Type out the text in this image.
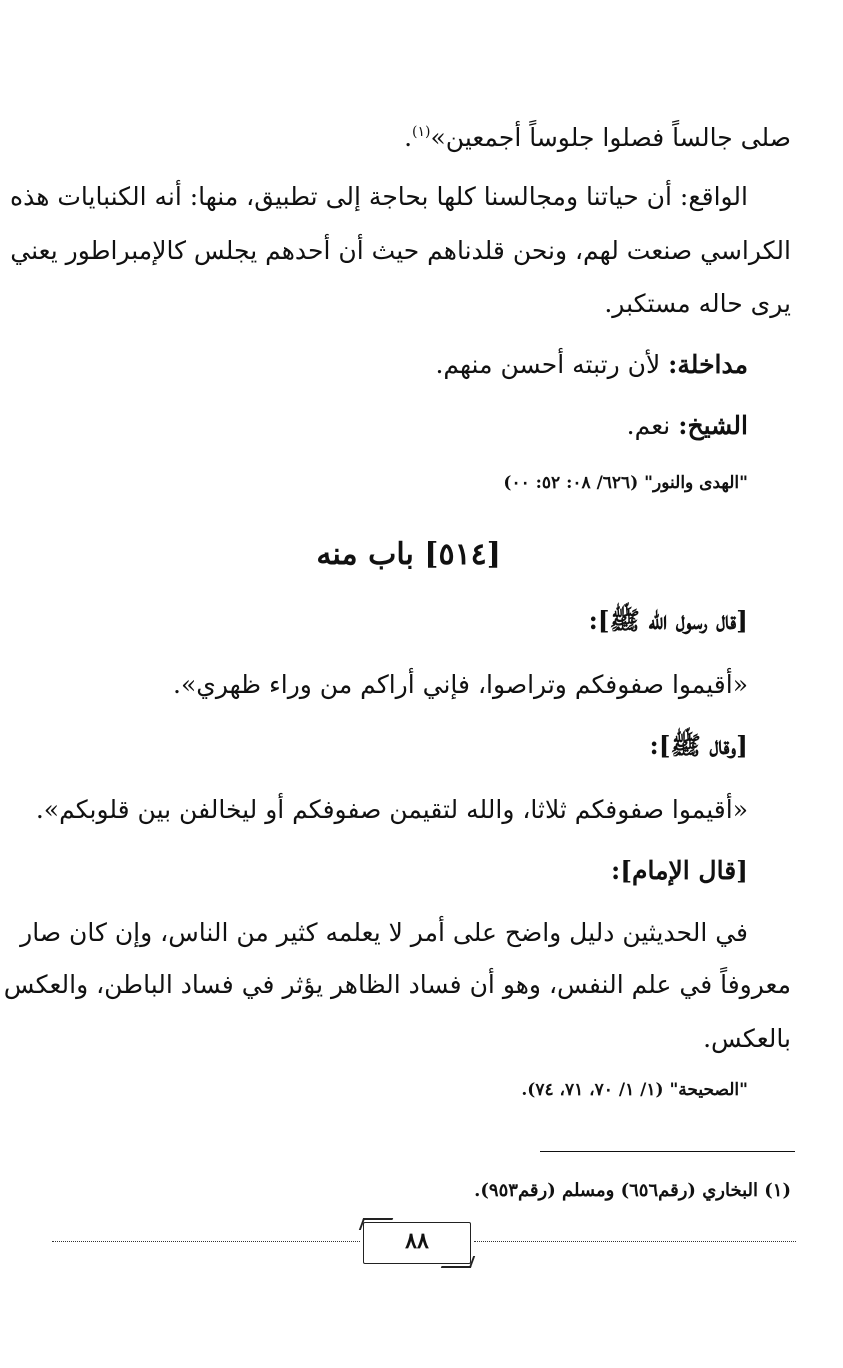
صلى جالساً فصلوا جلوساً أجمعين»$^{(١)}$.
الواقع: أن حياتنا ومجالسنا كلها بحاجة إلى تطبيق، منها: أنه الكنبايات هذه
الكراسي صنعت لهم، ونحن قلدناهم حيث أن أحدهم يجلس كالإمبراطور يعني
يرى حاله مستكبر.
مداخلة: لأن رتبته أحسن منهم.
الشيخ: نعم.
"الهدى والنور" (٦٢٦/ ٠٨: ٥٢: ٠٠)
[٥١٤] باب منه
[قال رسول الله ﷺ]:
«أقيموا صفوفكم وتراصوا، فإني أراكم من وراء ظهري».
[وقال ﷺ]:
«أقيموا صفوفكم ثلاثا، والله لتقيمن صفوفكم أو ليخالفن بين قلوبكم».
[قال الإمام]:
في الحديثين دليل واضح على أمر لا يعلمه كثير من الناس، وإن كان صار
معروفاً في علم النفس، وهو أن فساد الظاهر يؤثر في فساد الباطن، والعكس
بالعكس.
"الصحيحة" (١/ ١/ ٧٠، ٧١، ٧٤).
(١) البخاري (رقم٦٥٦) ومسلم (رقم٩٥٣).
٨٨
